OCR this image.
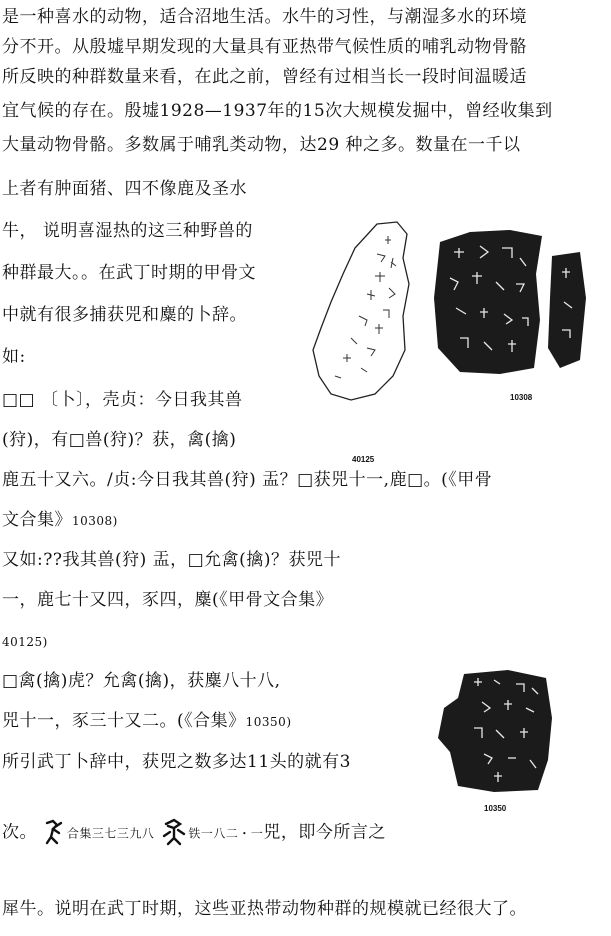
是一种喜水的动物，适合沼地生活。水牛的习性，与潮湿多水的环境
分不开。从殷墟早期发现的大量具有亚热带气候性质的哺乳动物骨骼
所反映的种群数量来看，在此之前，曾经有过相当长一段时间温暖适
宜气候的存在。殷墟1928—1937年的15次大规模发掘中，曾经收集到
大量动物骨骼。多数属于哺乳类动物，达29 种之多。数量在一千以
上者有肿面猪、四不像鹿及圣水
牛， 说明喜湿热的这三种野兽的
种群最大。。在武丁时期的甲骨文
中就有很多捕获兕和麋的卜辞。
如:
□□ 〔卜〕，壳贞：今日我其兽
(狩)，有□兽(狩)？获，禽(擒)
鹿五十又六。/贞:今日我其兽(狩) 盂？□获兕十一,鹿□。(《甲骨
文合集》10308)
又如:??我其兽(狩) 盂，□允禽(擒)？获兕十
一，鹿七十又四，豕四，麋(《甲骨文合集》
40125)
□禽(擒)虎？允禽(擒)，获麋八十八,
兕十一，豕三十又二。(《合集》10350)
所引武丁卜辞中，获兕之数多达11头的就有3
次。 合集三七三九八	铁一八二・一兕，即今所言之
犀牛。说明在武丁时期，这些亚热带动物种群的规模就已经很大了。
40125
10308
10350
